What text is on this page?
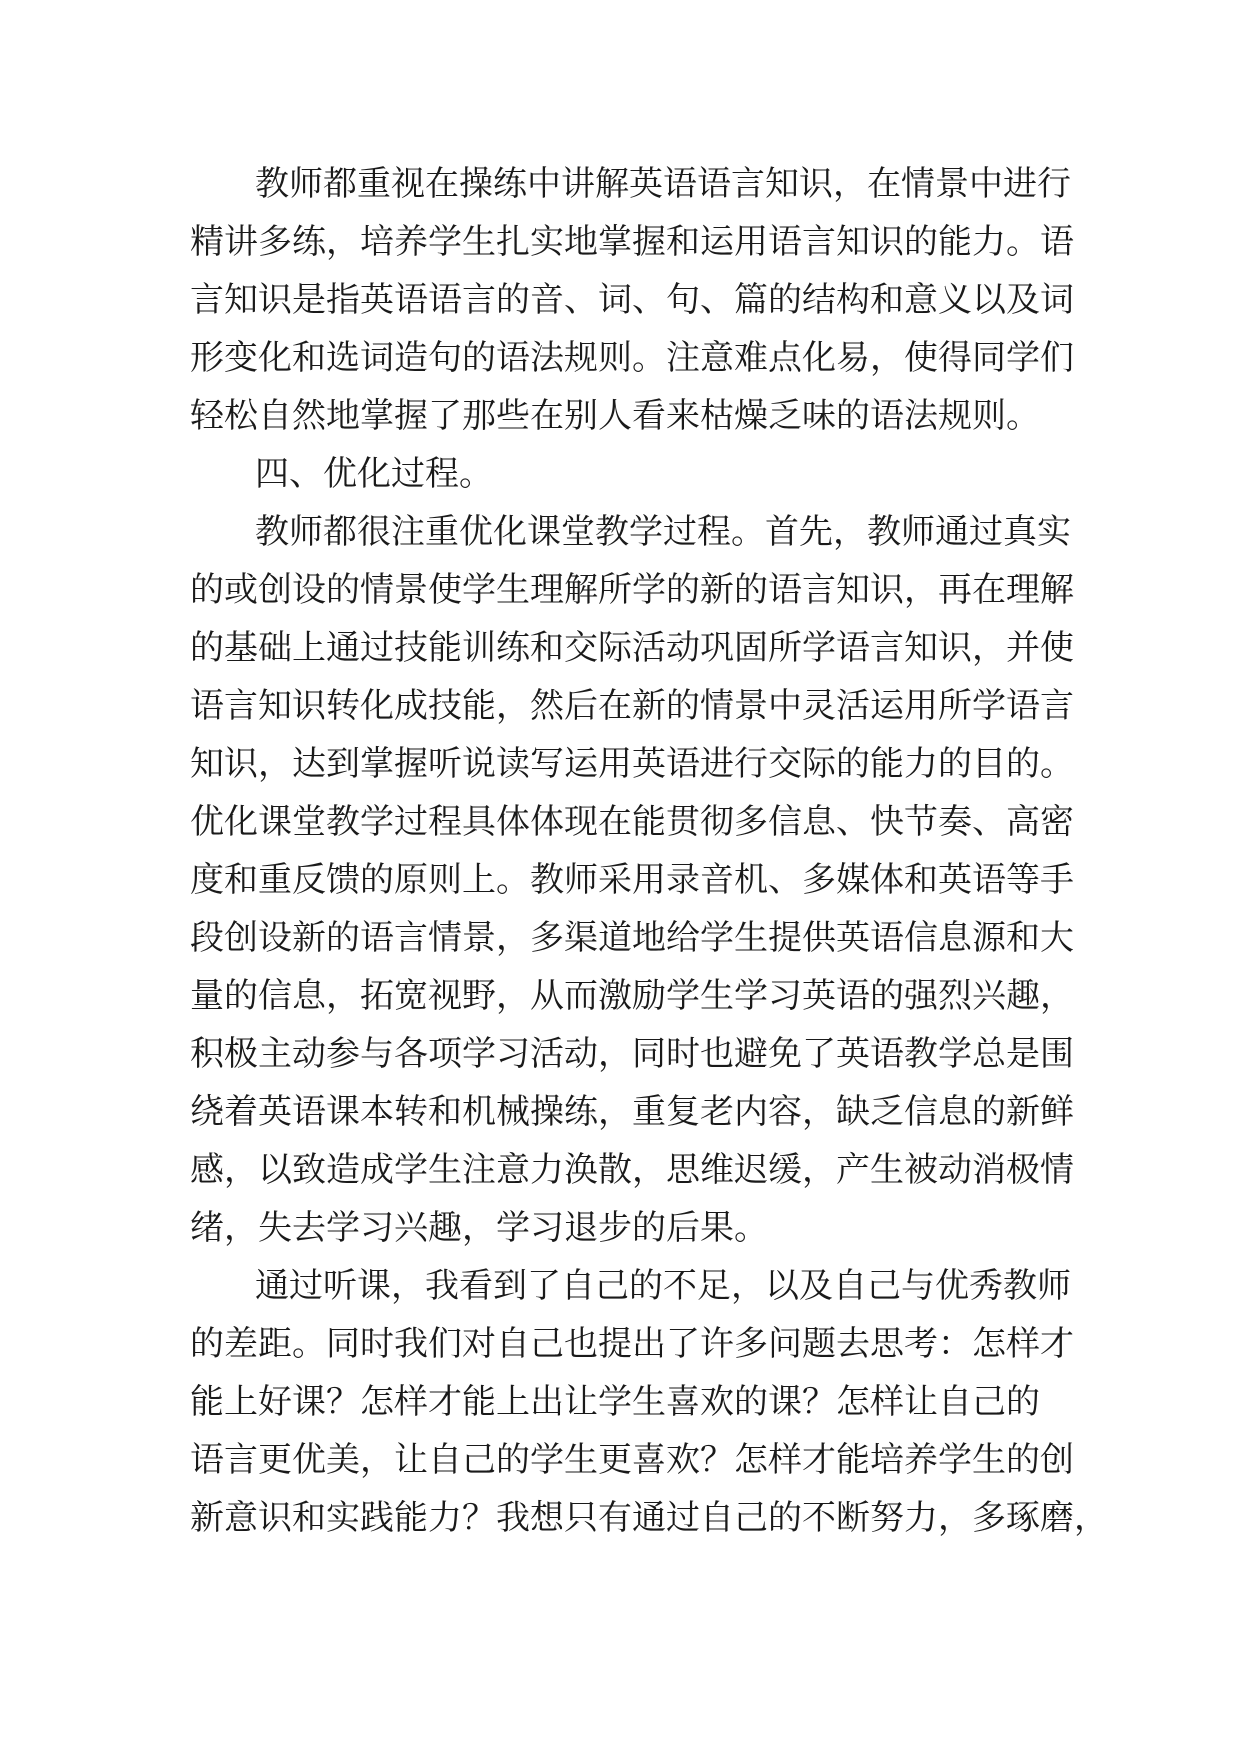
教师都重视在操练中讲解英语语言知识，在情景中进行
精讲多练，培养学生扎实地掌握和运用语言知识的能力。语
言知识是指英语语言的音、词、句、篇的结构和意义以及词
形变化和选词造句的语法规则。注意难点化易，使得同学们
轻松自然地掌握了那些在别人看来枯燥乏味的语法规则。
四、优化过程。
教师都很注重优化课堂教学过程。首先，教师通过真实
的或创设的情景使学生理解所学的新的语言知识，再在理解
的基础上通过技能训练和交际活动巩固所学语言知识，并使
语言知识转化成技能，然后在新的情景中灵活运用所学语言
知识，达到掌握听说读写运用英语进行交际的能力的目的。
优化课堂教学过程具体体现在能贯彻多信息、快节奏、高密
度和重反馈的原则上。教师采用录音机、多媒体和英语等手
段创设新的语言情景，多渠道地给学生提供英语信息源和大
量的信息，拓宽视野，从而激励学生学习英语的强烈兴趣，
积极主动参与各项学习活动，同时也避免了英语教学总是围
绕着英语课本转和机械操练，重复老内容，缺乏信息的新鲜
感，以致造成学生注意力涣散，思维迟缓，产生被动消极情
绪，失去学习兴趣，学习退步的后果。
通过听课，我看到了自己的不足，以及自己与优秀教师
的差距。同时我们对自己也提出了许多问题去思考：怎样才
能上好课？怎样才能上出让学生喜欢的课？怎样让自己的
语言更优美，让自己的学生更喜欢？怎样才能培养学生的创
新意识和实践能力？我想只有通过自己的不断努力，多琢磨，
